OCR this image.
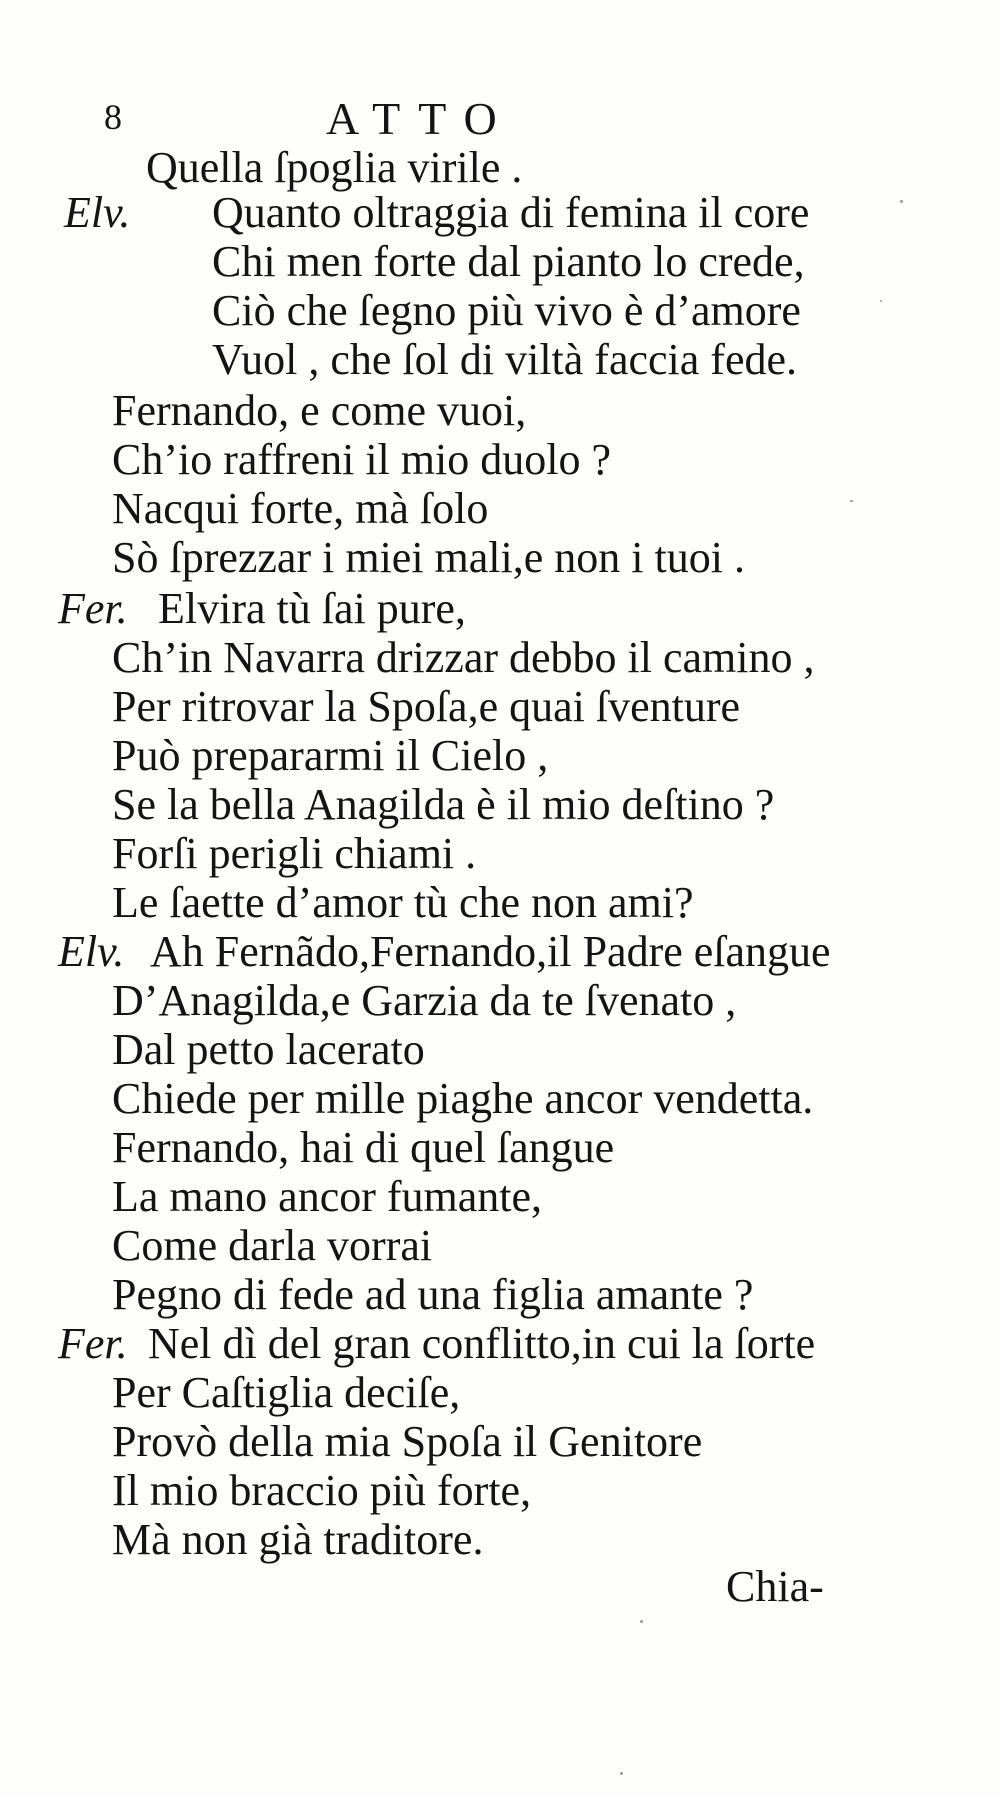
8	ATTO
Quella ſpoglia virile .
Elv. Quanto oltraggia di femina il core
Chi men forte dal pianto lo crede,
Ciò che ſegno più vivo è d’amore
Vuol , che ſol di viltà faccia fede.
Fernando, e come vuoi,
Ch’io raffreni il mio duolo ?
Nacqui forte, mà ſolo
Sò ſprezzar i miei mali,e non i tuoi .
Fer. Elvira tù ſai pure,
Ch’in Navarra drizzar debbo il camino ,
Per ritrovar la Spoſa,e quai ſventure
Può prepararmi il Cielo ,
Se la bella Anagilda è il mio deſtino ?
Forſi perigli chiami .
Le ſaette d’amor tù che non ami?
Elv. Ah Fernãdo,Fernando,il Padre eſangue
D’Anagilda,e Garzia da te ſvenato ,
Dal petto lacerato
Chiede per mille piaghe ancor vendetta.
Fernando, hai di quel ſangue
La mano ancor fumante,
Come darla vorrai
Pegno di fede ad una figlia amante ?
Fer. Nel dì del gran conflitto,in cui la ſorte
Per Caſtiglia deciſe,
Provò della mia Spoſa il Genitore
Il mio braccio più forte,
Mà non già traditore.
Chia-
